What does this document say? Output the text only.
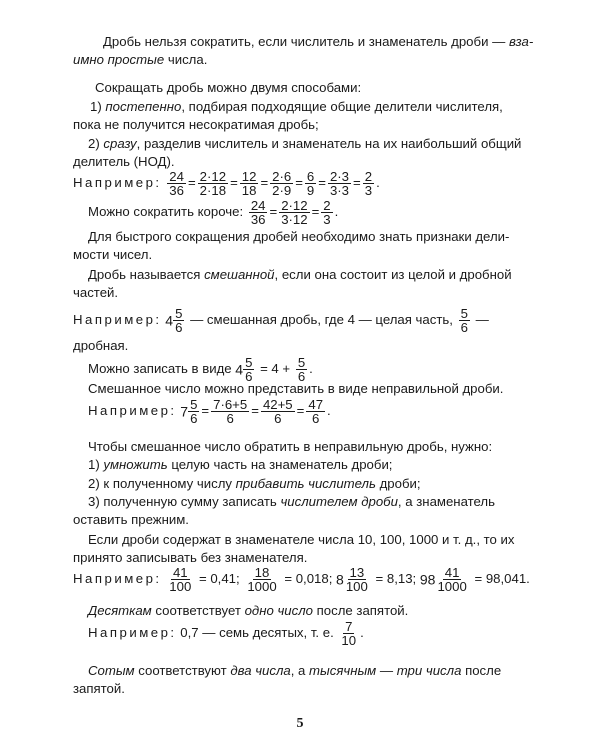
Дробь нельзя сократить, если числитель и знаменатель дроби — вза-
имно простые числа.
Сокращать дробь можно двумя способами:
1) постепенно, подбирая подходящие общие делители числителя,
пока не получится несократимая дробь;
2) сразу, разделив числитель и знаменатель на их наибольший общий
делитель (НОД).
Например: $\frac{24}{36} = \frac{2\cdot 12}{2\cdot 18} = \frac{12}{18} = \frac{2\cdot 6}{2\cdot 9} = \frac{6}{9} = \frac{2\cdot 3}{3\cdot 3} = \frac{2}{3}$ .
Можно сократить короче: $\frac{24}{36} = \frac{2\cdot 12}{3\cdot 12} = \frac{2}{3}$ .
Для быстрого сокращения дробей необходимо знать признаки дели-
мости чисел.
Дробь называется смешанной, если она состоит из целой и дробной
частей.
Например: $4 \frac{5}{6}$ — смешанная дробь, где 4 — целая часть, $\frac{5}{6}$ —
дробная.
Можно записать в виде $4 \frac{5}{6} = 4 + \frac{5}{6}$ .
Смешанное число можно представить в виде неправильной дроби.
Например: $7 \frac{5}{6} = \frac{7\cdot 6+5}{6} = \frac{42+5}{6} = \frac{47}{6}$ .
Чтобы смешанное число обратить в неправильную дробь, нужно:
1) умножить целую часть на знаменатель дроби;
2) к полученному числу прибавить числитель дроби;
3) полученную сумму записать числителем дроби, а знаменатель
оставить прежним.
Если дроби содержат в знаменателе числа 10, 100, 1000 и т. д., то их
принято записывать без знаменателя.
Например: $\frac{41}{100} = 0,41$; $\frac{18}{1000} = 0,018$; $8 \frac{13}{100} = 8,13$; $98 \frac{41}{1000} = 98,041$.
Десяткам соответствует одно число после запятой.
Например: 0,7 — семь десятых, т. е. $\frac{7}{10}$ .
Сотым соответствуют два числа, а тысячным — три числа после
запятой.
5
